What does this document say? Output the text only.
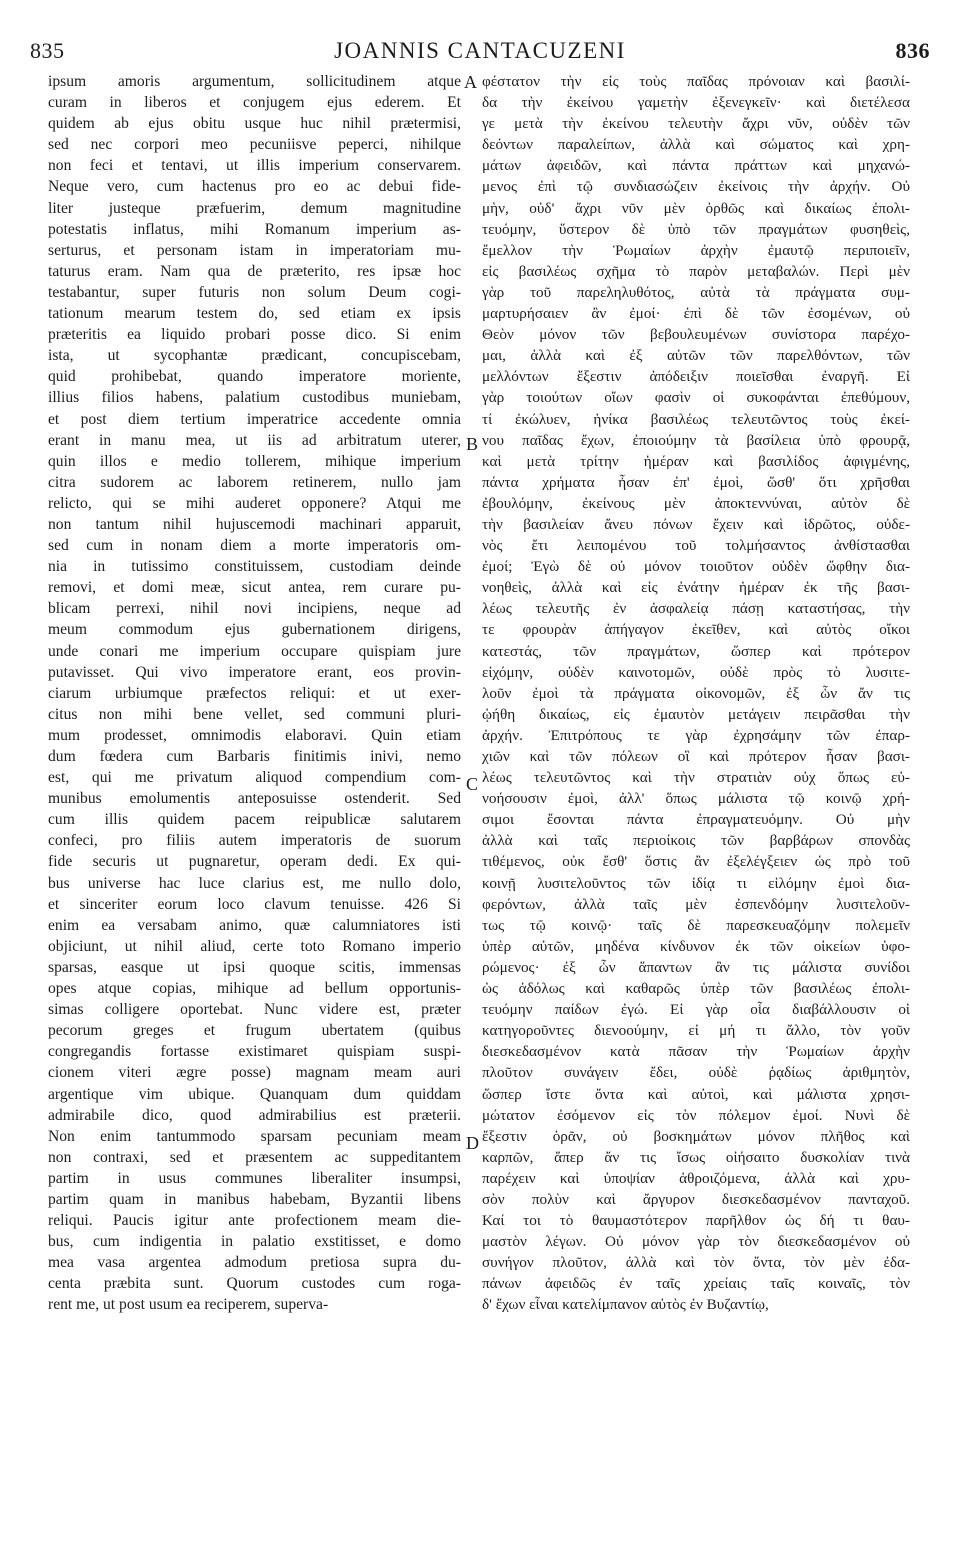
835	JOANNIS CANTACUZENI	836
ipsum amoris argumentum, sollicitudinem atque
curam in liberos et conjugem ejus ederem. Et
quidem ab ejus obitu usque huc nihil prætermisi,
sed nec corpori meo pecuniisve peperci, nihilque
non feci et tentavi, ut illis imperium conservarem.
Neque vero, cum hactenus pro eo ac debui fide-
liter justeque præfuerim, demum magnitudine
potestatis inflatus, mihi Romanum imperium as-
serturus, et personam istam in imperatoriam mu-
taturus eram. Nam qua de præterito, res ipsæ hoc
testabantur, super futuris non solum Deum cogi-
tationum mearum testem do, sed etiam ex ipsis
præteritis ea liquido probari posse dico. Si enim
ista, ut sycophantæ prædicant, concupiscebam,
quid prohibebat, quando imperatore moriente,
illius filios habens, palatium custodibus muniebam,
et post diem tertium imperatrice accedente omnia
erant in manu mea, ut iis ad arbitratum uterer,
quin illos e medio tollerem, mihique imperium
citra sudorem ac laborem retinerem, nullo jam
relicto, qui se mihi auderet opponere? Atqui me
non tantum nihil hujuscemodi machinari apparuit,
sed cum in nonam diem a morte imperatoris om-
nia in tutissimo constituissem, custodiam deinde
removi, et domi meæ, sicut antea, rem curare pu-
blicam perrexi, nihil novi incipiens, neque ad
meum commodum ejus gubernationem dirigens,
unde conari me imperium occupare quispiam jure
putavisset. Qui vivo imperatore erant, eos provin-
ciarum urbiumque præfectos reliqui: et ut exer-
citus non mihi bene vellet, sed communi pluri-
mum prodesset, omnimodis elaboravi. Quin etiam
dum fœdera cum Barbaris finitimis inivi, nemo
est, qui me privatum aliquod compendium com-
munibus emolumentis anteposuisse ostenderit. Sed
cum illis quidem pacem reipublicæ salutarem
confeci, pro filiis autem imperatoris de suorum
fide securis ut pugnaretur, operam dedi. Ex qui-
bus universe hac luce clarius est, me nullo dolo,
et sinceriter eorum loco clavum tenuisse. 426 Si
enim ea versabam animo, quæ calumniatores isti
objiciunt, ut nihil aliud, certe toto Romano imperio
sparsas, easque ut ipsi quoque scitis, immensas
opes atque copias, mihique ad bellum opportunis-
simas colligere oportebat. Nunc videre est, præter
pecorum greges et frugum ubertatem (quibus
congregandis fortasse existimaret quispiam suspi-
cionem viteri ægre posse) magnam meam auri
argentique vim ubique. Quanquam dum quiddam
admirabile dico, quod admirabilius est præterii.
Non enim tantummodo sparsam pecuniam meam
non contraxi, sed et præsentem ac suppeditantem
partim in usus communes liberaliter insumpsi,
partim quam in manibus habebam, Byzantii libens
reliqui. Paucis igitur ante profectionem meam die-
bus, cum indigentia in palatio exstitisset, e domo
mea vasa argentea admodum pretiosa supra du-
centa præbita sunt. Quorum custodes cum roga-
rent me, ut post usum ea reciperem, superva-
A
B
C
D
φέστατον τὴν εἰς τοὺς παῖδας πρόνοιαν καὶ βασιλί-
δα τὴν ἐκείνου γαμετὴν ἐξενεγκεῖν· καὶ διετέλεσα
γε μετὰ τὴν ἐκείνου τελευτὴν ἄχρι νῦν, οὐδὲν τῶν
δεόντων παραλείπων, ἀλλὰ καὶ σώματος καὶ χρη-
μάτων ἀφειδῶν, καὶ πάντα πράττων καὶ μηχανώ-
μενος ἐπὶ τῷ συνδιασώζειν ἐκείνοις τὴν ἀρχήν. Οὐ
μὴν, οὐδ' ἄχρι νῦν μὲν ὀρθῶς καὶ δικαίως ἐπολι-
τευόμην, ὕστερον δὲ ὑπὸ τῶν πραγμάτων φυσηθεὶς,
ἔμελλον τὴν Ῥωμαίων ἀρχὴν ἐμαυτῷ περιποιεῖν,
εἰς βασιλέως σχῆμα τὸ παρὸν μεταβαλών. Περὶ μὲν
γὰρ τοῦ παρεληλυθότος, αὐτὰ τὰ πράγματα συμ-
μαρτυρήσαιεν ἂν ἐμοί· ἐπὶ δὲ τῶν ἐσομένων, οὐ
Θεὸν μόνον τῶν βεβουλευμένων συνίστορα παρέχο-
μαι, ἀλλὰ καὶ ἐξ αὐτῶν τῶν παρελθόντων, τῶν
μελλόντων ἔξεστιν ἀπόδειξιν ποιεῖσθαι ἐναργῆ. Εἰ
γὰρ τοιούτων οἴων φασὶν οἱ συκοφάνται ἐπεθύμουν,
τί ἐκώλυεν, ἡνίκα βασιλέως τελευτῶντος τοὺς ἐκεί-
νου παῖδας ἔχων, ἐποιούμην τὰ βασίλεια ὑπὸ φρουρᾷ,
καὶ μετὰ τρίτην ἡμέραν καὶ βασιλίδος ἀφιγμένης,
πάντα χρήματα ἦσαν ἐπ' ἐμοὶ, ὥσθ' ὅτι χρῆσθαι
ἐβουλόμην, ἐκείνους μὲν ἀποκτεννύναι, αὐτὸν δὲ
τὴν βασιλείαν ἄνευ πόνων ἔχειν καὶ ἱδρῶτος, οὐδε-
νὸς ἔτι λειπομένου τοῦ τολμήσαντος ἀνθίστασθαι
ἐμοί; Ἐγὼ δὲ οὐ μόνον τοιοῦτον οὐδὲν ὤφθην δια-
νοηθεὶς, ἀλλὰ καὶ εἰς ἐνάτην ἡμέραν ἐκ τῆς βασι-
λέως τελευτῆς ἐν ἀσφαλείᾳ πάσῃ καταστήσας, τὴν
τε φρουρὰν ἀπήγαγον ἐκεῖθεν, καὶ αὐτὸς οἴκοι
κατεστάς, τῶν πραγμάτων, ὥσπερ καὶ πρότερον
εἰχόμην, οὐδὲν καινοτομῶν, οὐδὲ πρὸς τὸ λυσιτε-
λοῦν ἐμοὶ τὰ πράγματα οἰκονομῶν, ἐξ ὧν ἄν τις
ᾠήθη δικαίως, εἰς ἐμαυτὸν μετάγειν πειρᾶσθαι τὴν
ἀρχήν. Ἐπιτρόπους τε γὰρ ἐχρησάμην τῶν ἐπαρ-
χιῶν καὶ τῶν πόλεων οἳ καὶ πρότερον ἦσαν βασι-
λέως τελευτῶντος καὶ τὴν στρατιὰν οὐχ ὅπως εὐ-
νοήσουσιν ἐμοὶ, ἀλλ' ὅπως μάλιστα τῷ κοινῷ χρή-
σιμοι ἔσονται πάντα ἐπραγματευόμην. Οὐ μὴν
ἀλλὰ καὶ ταῖς περιοίκοις τῶν βαρβάρων σπονδὰς
τιθέμενος, οὐκ ἔσθ' ὅστις ἂν ἐξελέγξειεν ὡς πρὸ τοῦ
κοινῇ λυσιτελοῦντος τῶν ἰδίᾳ τι εἱλόμην ἐμοὶ δια-
φερόντων, ἀλλὰ ταῖς μὲν ἐσπενδόμην λυσιτελοῦν-
τως τῷ κοινῷ· ταῖς δὲ παρεσκευαζόμην πολεμεῖν
ὑπὲρ αὐτῶν, μηδένα κίνδυνον ἐκ τῶν οἰκείων ὑφο-
ρώμενος· ἐξ ὧν ἅπαντων ἂν τις μάλιστα συνίδοι
ὡς ἀδόλως καὶ καθαρῶς ὑπὲρ τῶν βασιλέως ἐπολι-
τευόμην παίδων ἐγώ. Εἰ γὰρ οἷα διαβάλλουσιν οἱ
κατηγοροῦντες διενοούμην, εἰ μή τι ἄλλο, τὸν γοῦν
διεσκεδασμένον κατὰ πᾶσαν τὴν Ῥωμαίων ἀρχὴν
πλοῦτον συνάγειν ἔδει, οὐδὲ ῥᾳδίως ἀριθμητὸν,
ὥσπερ ἴστε ὄντα καὶ αὐτοὶ, καὶ μάλιστα χρησι-
μώτατον ἐσόμενον εἰς τὸν πόλεμον ἐμοί. Νυνὶ δὲ
ἔξεστιν ὁρᾶν, οὐ βοσκημάτων μόνον πλῆθος καὶ
καρπῶν, ἅπερ ἄν τις ἴσως οἰήσαιτο δυσκολίαν τινὰ
παρέχειν καὶ ὑποψίαν ἀθροιζόμενα, ἀλλὰ καὶ χρυ-
σὸν πολὺν καὶ ἄργυρον διεσκεδασμένον πανταχοῦ.
Καί τοι τὸ θαυμαστότερον παρῆλθον ὡς δή τι θαυ-
μαστὸν λέγων. Οὐ μόνον γὰρ τὸν διεσκεδασμένον οὐ
συνήγον πλοῦτον, ἀλλὰ καὶ τὸν ὄντα, τὸν μὲν ἐδα-
πάνων ἀφειδῶς ἐν ταῖς χρείαις ταῖς κοιναῖς, τὸν
δ' ἔχων εἶναι κατελίμπανον αὐτὸς ἐν Βυζαντίῳ,
